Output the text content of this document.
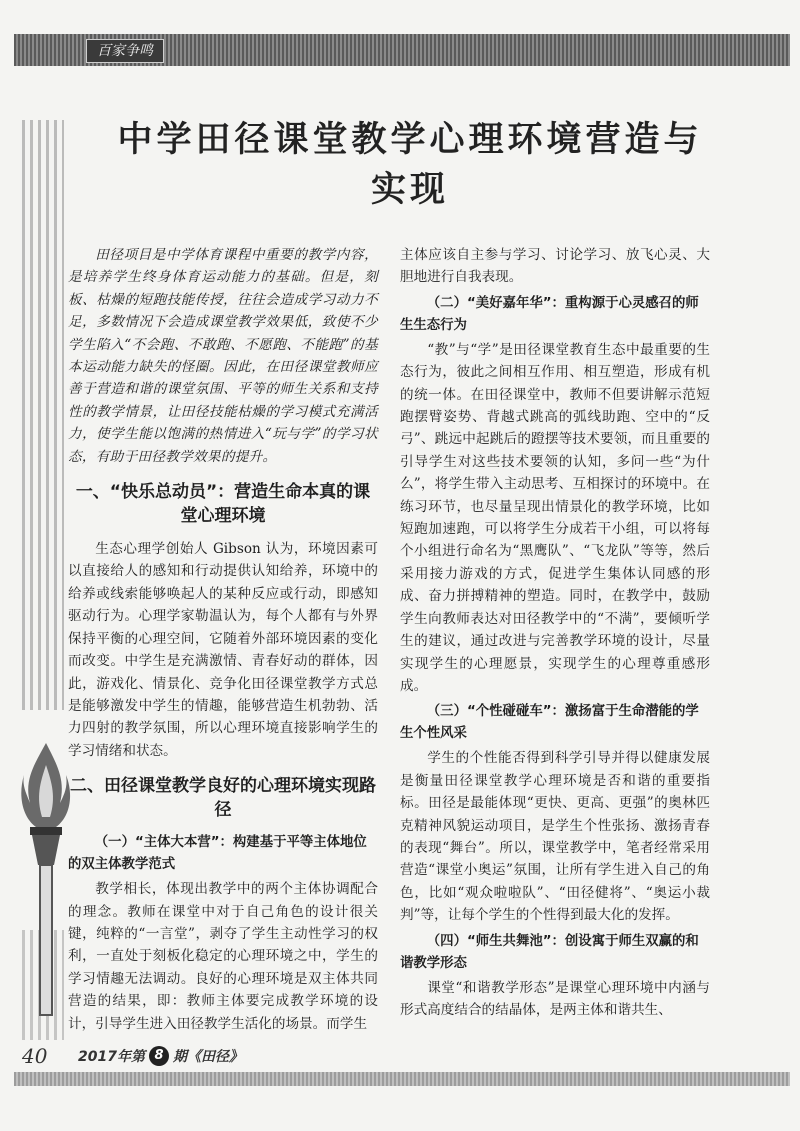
百家争鸣
中学田径课堂教学心理环境营造与实现

田径项目是中学体育课程中重要的教学内容，是培养学生终身体育运动能力的基础。但是，刻板、枯燥的短跑技能传授，往往会造成学习动力不足，多数情况下会造成课堂教学效果低，致使不少学生陷入“不会跑、不敢跑、不愿跑、不能跑”的基本运动能力缺失的怪圈。因此，在田径课堂教师应善于营造和谐的课堂氛围、平等的师生关系和支持性的教学情景，让田径技能枯燥的学习模式充满活力，使学生能以饱满的热情进入“玩与学”的学习状态，有助于田径教学效果的提升。

一、“快乐总动员”：营造生命本真的课堂心理环境

生态心理学创始人 Gibson 认为，环境因素可以直接给人的感知和行动提供认知给养，环境中的给养或线索能够唤起人的某种反应或行动，即感知驱动行为。心理学家勒温认为，每个人都有与外界保持平衡的心理空间，它随着外部环境因素的变化而改变。中学生是充满激情、青春好动的群体，因此，游戏化、情景化、竞争化田径课堂教学方式总是能够激发中学生的情趣，能够营造生机勃勃、活力四射的教学氛围，所以心理环境直接影响学生的学习情绪和状态。

二、田径课堂教学良好的心理环境实现路径
（一）“主体大本营”：构建基于平等主体地位的双主体教学范式

教学相长，体现出教学中的两个主体协调配合的理念。教师在课堂中对于自己角色的设计很关键，纯粹的“一言堂”，剥夺了学生主动性学习的权利，一直处于刻板化稳定的心理环境之中，学生的学习情趣无法调动。良好的心理环境是双主体共同营造的结果，即：教师主体要完成教学环境的设计，引导学生进入田径教学生活化的场景。而学生

主体应该自主参与学习、讨论学习、放飞心灵、大胆地进行自我表现。

（二）“美好嘉年华”：重构源于心灵感召的师生生态行为

“教”与“学”是田径课堂教育生态中最重要的生态行为，彼此之间相互作用、相互塑造，形成有机的统一体。在田径课堂中，教师不但要讲解示范短跑摆臂姿势、背越式跳高的弧线助跑、空中的“反弓”、跳远中起跳后的蹬摆等技术要领，而且重要的引导学生对这些技术要领的认知，多问一些“为什么”，将学生带入主动思考、互相探讨的环境中。在练习环节，也尽量呈现出情景化的教学环境，比如短跑加速跑，可以将学生分成若干小组，可以将每个小组进行命名为“黑鹰队”、“飞龙队”等等，然后采用接力游戏的方式，促进学生集体认同感的形成、奋力拼搏精神的塑造。同时，在教学中，鼓励学生向教师表达对田径教学中的“不满”，要倾听学生的建议，通过改进与完善教学环境的设计，尽量实现学生的心理愿景，实现学生的心理尊重感形成。

（三）“个性碰碰车”：激扬富于生命潜能的学生个性风采

学生的个性能否得到科学引导并得以健康发展是衡量田径课堂教学心理环境是否和谐的重要指标。田径是最能体现“更快、更高、更强”的奥林匹克精神风貌运动项目，是学生个性张扬、激扬青春的表现“舞台”。所以，课堂教学中，笔者经常采用营造“课堂小奥运”氛围，让所有学生进入自己的角色，比如“观众啦啦队”、“田径健将”、“奥运小裁判”等，让每个学生的个性得到最大化的发挥。

（四）“师生共舞池”：创设寓于师生双赢的和谐教学形态

课堂“和谐教学形态”是课堂心理环境中内涵与形式高度结合的结晶体，是两主体和谐共生、

40 2017年第 8 期《田径》
